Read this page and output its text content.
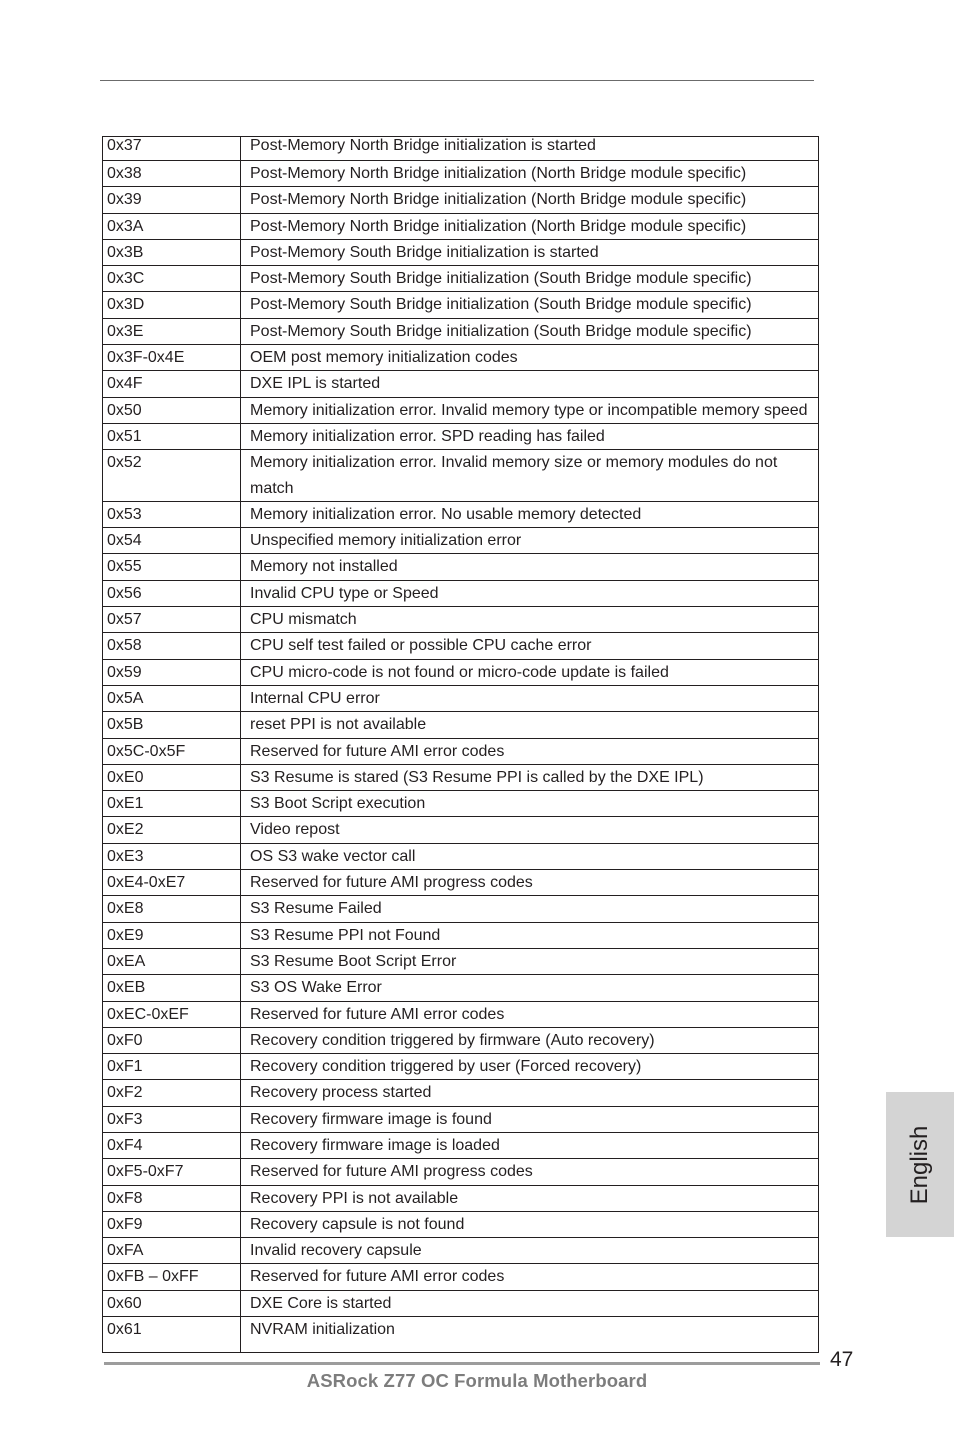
0x37	Post-Memory North Bridge initialization is started
0x38	Post-Memory North Bridge initialization (North Bridge module specific)
0x39	Post-Memory North Bridge initialization (North Bridge module specific)
0x3A	Post-Memory North Bridge initialization (North Bridge module specific)
0x3B	Post-Memory South Bridge initialization is started
0x3C	Post-Memory South Bridge initialization (South Bridge module specific)
0x3D	Post-Memory South Bridge initialization (South Bridge module specific)
0x3E	Post-Memory South Bridge initialization (South Bridge module specific)
0x3F-0x4E	OEM post memory initialization codes
0x4F	DXE IPL is started
0x50	Memory initialization error. Invalid memory type or incompatible memory speed
0x51	Memory initialization error. SPD reading has failed
0x52	Memory initialization error. Invalid memory size or memory modules do not match
0x53	Memory initialization error. No usable memory detected
0x54	Unspecified memory initialization error
0x55	Memory not installed
0x56	Invalid CPU type or Speed
0x57	CPU mismatch
0x58	CPU self test failed or possible CPU cache error
0x59	CPU micro-code is not found or micro-code update is failed
0x5A	Internal CPU error
0x5B	reset PPI is not available
0x5C-0x5F	Reserved for future AMI error codes
0xE0	S3 Resume is stared (S3 Resume PPI is called by the DXE IPL)
0xE1	S3 Boot Script execution
0xE2	Video repost
0xE3	OS S3 wake vector call
0xE4-0xE7	Reserved for future AMI progress codes
0xE8	S3 Resume Failed
0xE9	S3 Resume PPI not Found
0xEA	S3 Resume Boot Script Error
0xEB	S3 OS Wake Error
0xEC-0xEF	Reserved for future AMI error codes
0xF0	Recovery condition triggered by firmware (Auto recovery)
0xF1	Recovery condition triggered by user (Forced recovery)
0xF2	Recovery process started
0xF3	Recovery firmware image is found
0xF4	Recovery firmware image is loaded
0xF5-0xF7	Reserved for future AMI progress codes
0xF8	Recovery PPI is not available
0xF9	Recovery capsule is not found
0xFA	Invalid recovery capsule
0xFB – 0xFF	Reserved for future AMI error codes
0x60	DXE Core is started
0x61	NVRAM initialization
English
47
ASRock Z77 OC Formula Motherboard
